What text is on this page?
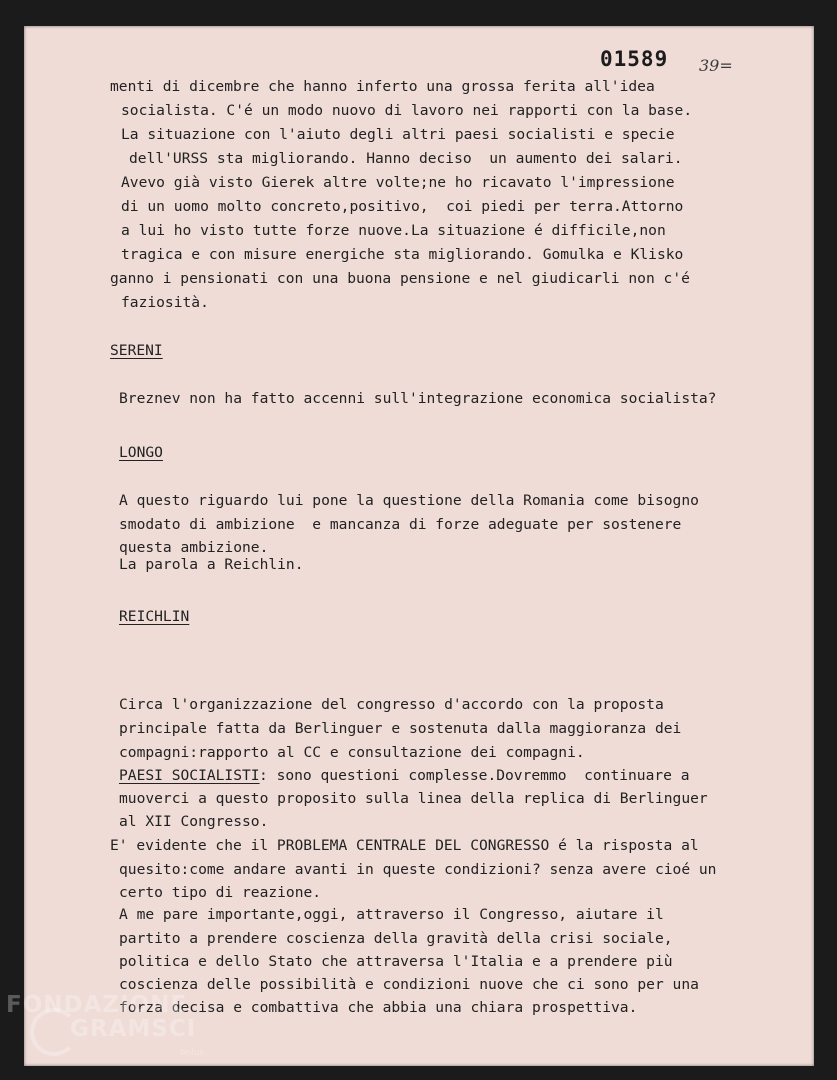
01589 39=

menti di dicembre che hanno inferto una grossa ferita all'idea

socialista. C'é un modo nuovo di lavoro nei rapporti con la base.

La situazione con l'aiuto degli altri paesi socialisti e specie

dell'URSS sta migliorando. Hanno deciso  un aumento dei salari.

Avevo già visto Gierek altre volte;ne ho ricavato l'impressione

di un uomo molto concreto,positivo,  coi piedi per terra.Attorno

a lui ho visto tutte forze nuove.La situazione é difficile,non

tragica e con misure energiche sta migliorando. Gomulka e Klisko

ganno i pensionati con una buona pensione e nel giudicarli non c'é

faziosità.

SERENI

Breznev non ha fatto accenni sull'integrazione economica socialista?

LONGO

A questo riguardo lui pone la questione della Romania come bisogno

smodato di ambizione  e mancanza di forze adeguate per sostenere

questa ambizione.

La parola a Reichlin.

REICHLIN

Circa l'organizzazione del congresso d'accordo con la proposta

principale fatta da Berlinguer e sostenuta dalla maggioranza dei

compagni:rapporto al CC e consultazione dei compagni.

PAESI SOCIALISTI

: sono questioni complesse.Dovremmo  continuare a

muoverci a questo proposito sulla linea della replica di Berlinguer

al XII Congresso.

E' evidente che il PROBLEMA CENTRALE DEL CONGRESSO é la risposta al

quesito:come andare avanti in queste condizioni? senza avere cioé un

certo tipo di reazione.

A me pare importante,oggi, attraverso il Congresso, aiutare il

partito a prendere coscienza della gravità della crisi sociale,

politica e dello Stato che attraversa l'Italia e a prendere più

coscienza delle possibilità e condizioni nuove che ci sono per una

forza decisa e combattiva che abbia una chiara prospettiva.

FONDAZIONE
GRAMSCI
onlus
